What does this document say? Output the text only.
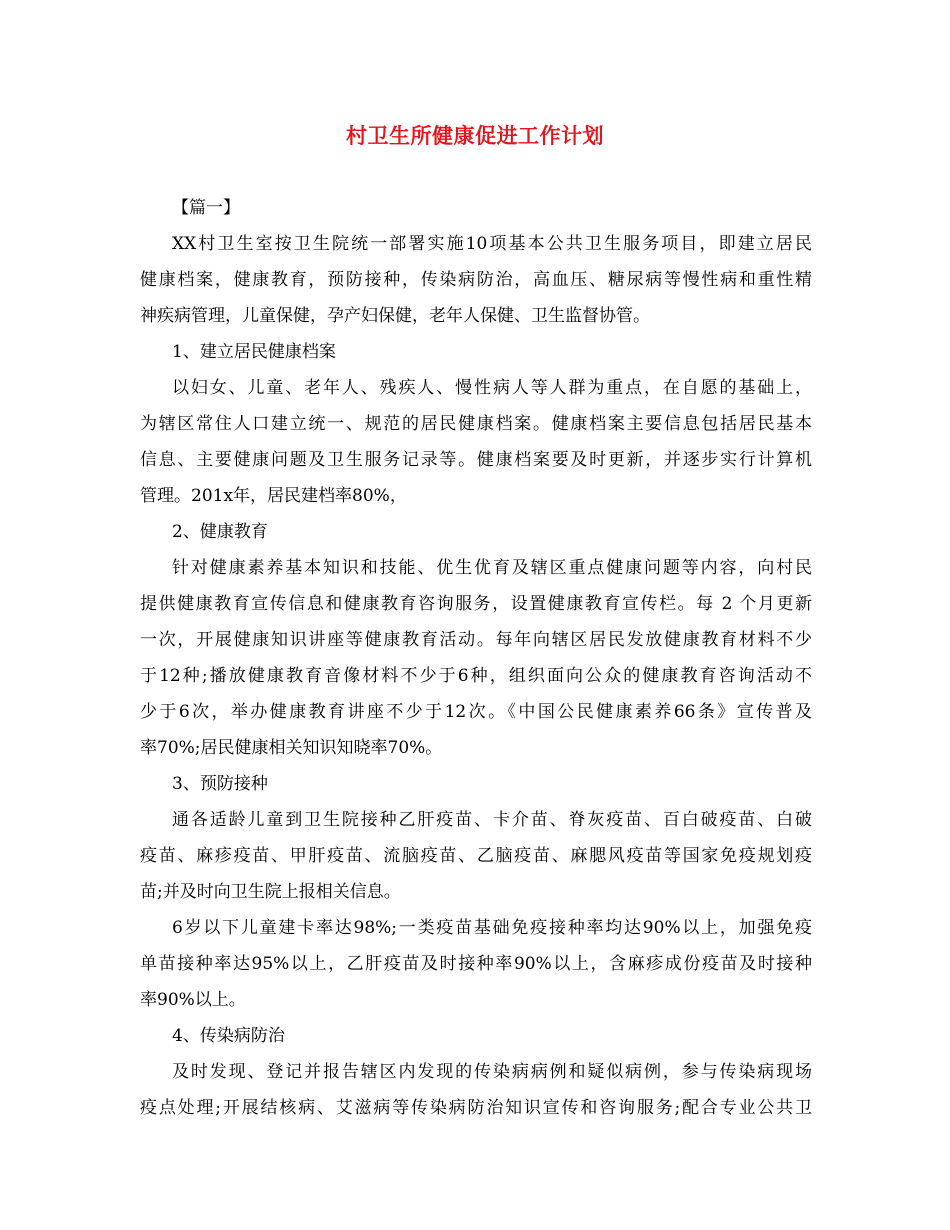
村卫生所健康促进工作计划
【篇一】
XX村卫生室按卫生院统一部署实施10项基本公共卫生服务项目，即建立居民
健康档案，健康教育，预防接种，传染病防治，高血压、糖尿病等慢性病和重性精
神疾病管理，儿童保健，孕产妇保健，老年人保健、卫生监督协管。
1、建立居民健康档案
以妇女、儿童、老年人、残疾人、慢性病人等人群为重点，在自愿的基础上，
为辖区常住人口建立统一、规范的居民健康档案。健康档案主要信息包括居民基本
信息、主要健康问题及卫生服务记录等。健康档案要及时更新，并逐步实行计算机
管理。201x年，居民建档率80%，
2、健康教育
针对健康素养基本知识和技能、优生优育及辖区重点健康问题等内容，向村民
提供健康教育宣传信息和健康教育咨询服务，设置健康教育宣传栏。每 2 个月更新
一次，开展健康知识讲座等健康教育活动。每年向辖区居民发放健康教育材料不少
于12种;播放健康教育音像材料不少于6种，组织面向公众的健康教育咨询活动不
少于6次，举办健康教育讲座不少于12次。《中国公民健康素养66条》宣传普及
率70%;居民健康相关知识知晓率70%。
3、预防接种
通各适龄儿童到卫生院接种乙肝疫苗、卡介苗、脊灰疫苗、百白破疫苗、白破
疫苗、麻疹疫苗、甲肝疫苗、流脑疫苗、乙脑疫苗、麻腮风疫苗等国家免疫规划疫
苗;并及时向卫生院上报相关信息。
6岁以下儿童建卡率达98%;一类疫苗基础免疫接种率均达90%以上，加强免疫
单苗接种率达95%以上，乙肝疫苗及时接种率90%以上，含麻疹成份疫苗及时接种
率90%以上。
4、传染病防治
及时发现、登记并报告辖区内发现的传染病病例和疑似病例，参与传染病现场
疫点处理;开展结核病、艾滋病等传染病防治知识宣传和咨询服务;配合专业公共卫
